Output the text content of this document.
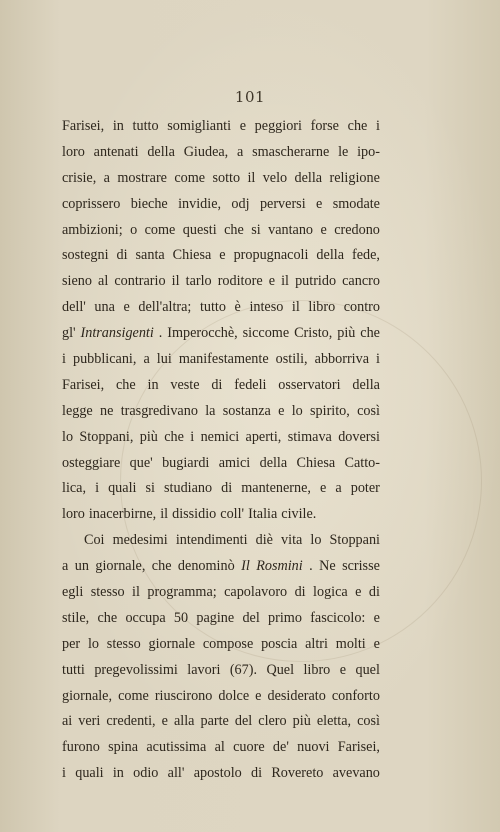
101
Farisei, in tutto somiglianti e peggiori forse che i
loro antenati della Giudea, a smascherarne le ipo-
crisie, a mostrare come sotto il velo della religione
coprissero bieche invidie, odj perversi e smodate
ambizioni; o come questi che si vantano e credono
sostegni di santa Chiesa e propugnacoli della fede,
sieno al contrario il tarlo roditore e il putrido cancro
dell' una e dell'altra; tutto è inteso il libro contro
gl' Intransigenti . Imperocchè, siccome Cristo, più che
i pubblicani, a lui manifestamente ostili, abborriva i
Farisei, che in veste di fedeli osservatori della
legge ne trasgredivano la sostanza e lo spirito, così
lo Stoppani, più che i nemici aperti, stimava doversi
osteggiare que' bugiardi amici della Chiesa Catto-
lica, i quali si studiano di mantenerne, e a poter
loro inacerbirne, il dissidio coll' Italia civile.
Coi medesimi intendimenti diè vita lo Stoppani
a un giornale, che denominò Il Rosmini . Ne scrisse
egli stesso il programma; capolavoro di logica e di
stile, che occupa 50 pagine del primo fascicolo: e
per lo stesso giornale compose poscia altri molti e
tutti pregevolissimi lavori (67). Quel libro e quel
giornale, come riuscirono dolce e desiderato conforto
ai veri credenti, e alla parte del clero più eletta, così
furono spina acutissima al cuore de' nuovi Farisei,
i quali in odio all' apostolo di Rovereto avevano
